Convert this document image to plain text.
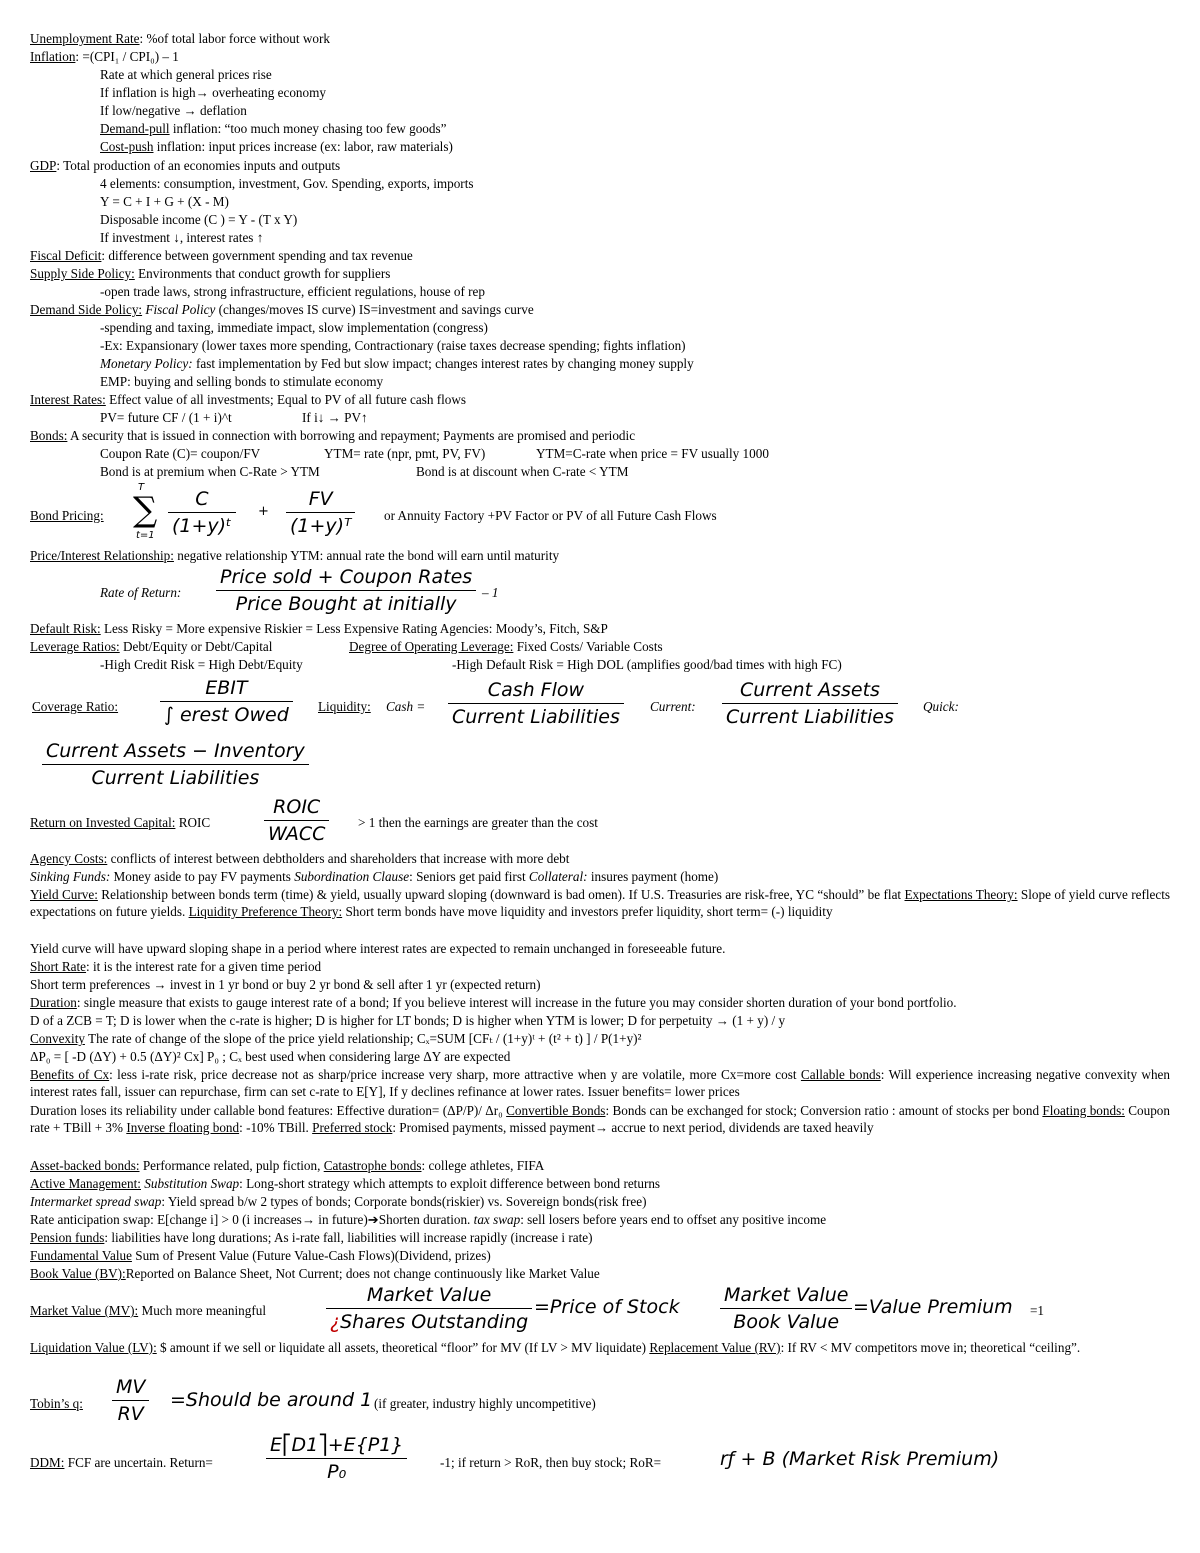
Unemployment Rate: %of total labor force without work
Inflation: =(CPI₁ / CPI₀) – 1
Rate at which general prices rise
If inflation is high→ overheating economy
If low/negative → deflation
Demand-pull inflation: “too much money chasing too few goods”
Cost-push inflation: input prices increase (ex: labor, raw materials)
GDP: Total production of an economies inputs and outputs
4 elements: consumption, investment, Gov. Spending, exports, imports
Y = C + I + G + (X - M)
Disposable income (C ) = Y - (T x Y)
If investment ↓, interest rates ↑
Fiscal Deficit: difference between government spending and tax revenue
Supply Side Policy: Environments that conduct growth for suppliers
-open trade laws, strong infrastructure, efficient regulations, house of rep
Demand Side Policy: Fiscal Policy (changes/moves IS curve) IS=investment and savings curve
-spending and taxing, immediate impact, slow implementation (congress)
-Ex: Expansionary (lower taxes more spending, Contractionary (raise taxes decrease spending; fights inflation)
Monetary Policy: fast implementation by Fed but slow impact; changes interest rates by changing money supply
EMP: buying and selling bonds to stimulate economy
Interest Rates: Effect value of all investments; Equal to PV of all future cash flows
PV= future CF / (1 + i)^t	If i↓ → PV↑
Bonds: A security that is issued in connection with borrowing and repayment; Payments are promised and periodic
Coupon Rate (C)= coupon/FV	YTM= rate (npr, pmt, PV, FV)	YTM=C-rate when price = FV usually 1000
Bond is at premium when C-Rate > YTM	Bond is at discount when C-rate < YTM
Bond Pricing:
T
∑
t=1
C
(1+y)ᵗ
+
FV
(1+y)ᵀ	or Annuity Factory +PV Factor or PV of all Future Cash Flows
Price/Interest Relationship: negative relationship YTM: annual rate the bond will earn until maturity
Rate of Return:
Price sold + Coupon Rates
Price Bought at initially
– 1
Default Risk: Less Risky = More expensive Riskier = Less Expensive Rating Agencies: Moody’s, Fitch, S&P
Leverage Ratios: Debt/Equity or Debt/Capital	Degree of Operating Leverage: Fixed Costs/ Variable Costs
-High Credit Risk = High Debt/Equity	-High Default Risk = High DOL (amplifies good/bad times with high FC)
Coverage Ratio:
EBIT
∫ erest Owed	Liquidity: Cash =
Cash Flow
Current Liabilities	Current:
Current Assets
Current Liabilities	Quick:
Current Assets − Inventory
Current Liabilities
Return on Invested Capital: ROIC
ROIC
WACC
> 1 then the earnings are greater than the cost
Agency Costs: conflicts of interest between debtholders and shareholders that increase with more debt
Sinking Funds: Money aside to pay FV payments Subordination Clause: Seniors get paid first Collateral: insures payment (home)
Yield Curve: Relationship between bonds term (time) & yield, usually upward sloping (downward is bad omen). If U.S. Treasuries are risk-free, YC “should” be flat Expectations Theory: Slope of yield curve reflects expectations on future yields. Liquidity Preference Theory: Short term bonds have move liquidity and investors prefer liquidity, short term= (-) liquidity
Yield curve will have upward sloping shape in a period where interest rates are expected to remain unchanged in foreseeable future.
Short Rate: it is the interest rate for a given time period
Short term preferences → invest in 1 yr bond or buy 2 yr bond & sell after 1 yr (expected return)
Duration: single measure that exists to gauge interest rate of a bond; If you believe interest will increase in the future you may consider shorten duration of your bond portfolio.
D of a ZCB = T; D is lower when the c-rate is higher; D is higher for LT bonds; D is higher when YTM is lower; D for perpetuity → (1 + y) / y
Convexity The rate of change of the slope of the price yield relationship; Cₓ=SUM [CFₜ / (1+y)ᵗ + (t² + t) ] / P(1+y)²
ΔP₀ = [ -D (ΔY) + 0.5 (ΔY)² Cx] P₀ ; Cₓ best used when considering large ΔY are expected
Benefits of Cx: less i-rate risk, price decrease not as sharp/price increase very sharp, more attractive when y are volatile, more Cx=more cost Callable bonds: Will experience increasing negative convexity when interest rates fall, issuer can repurchase, firm can set c-rate to E[Y], If y declines refinance at lower rates. Issuer benefits= lower prices
Duration loses its reliability under callable bond features: Effective duration= (ΔP/P)/ Δr₀ Convertible Bonds: Bonds can be exchanged for stock; Conversion ratio : amount of stocks per bond Floating bonds: Coupon rate + TBill + 3% Inverse floating bond: -10% TBill. Preferred stock: Promised payments, missed payment→ accrue to next period, dividends are taxed heavily
Asset-backed bonds: Performance related, pulp fiction, Catastrophe bonds: college athletes, FIFA
Active Management: Substitution Swap: Long-short strategy which attempts to exploit difference between bond returns
Intermarket spread swap: Yield spread b/w 2 types of bonds; Corporate bonds(riskier) vs. Sovereign bonds(risk free)
Rate anticipation swap: E[change i] > 0 (i increases→ in future)➔Shorten duration. tax swap: sell losers before years end to offset any positive income
Pension funds: liabilities have long durations; As i-rate fall, liabilities will increase rapidly (increase i rate)
Fundamental Value Sum of Present Value (Future Value-Cash Flows)(Dividend, prizes)
Book Value (BV):Reported on Balance Sheet, Not Current; does not change continuously like Market Value
Market Value (MV): Much more meaningful
Market Value
¿Shares Outstanding
=Price of Stock
Market Value
Book Value
=Value Premium =1
Liquidation Value (LV): $ amount if we sell or liquidate all assets, theoretical “floor” for MV (If LV > MV liquidate) Replacement Value (RV): If RV < MV competitors move in; theoretical “ceiling”.
Tobin’s q:
MV
RV
=Should be around 1 (if greater, industry highly uncompetitive)
DDM: FCF are uncertain. Return=
E⎡D1⎤+E{P1}
P₀	-1; if return > RoR, then buy stock; RoR=	rƒ + B (Market Risk Premium)
